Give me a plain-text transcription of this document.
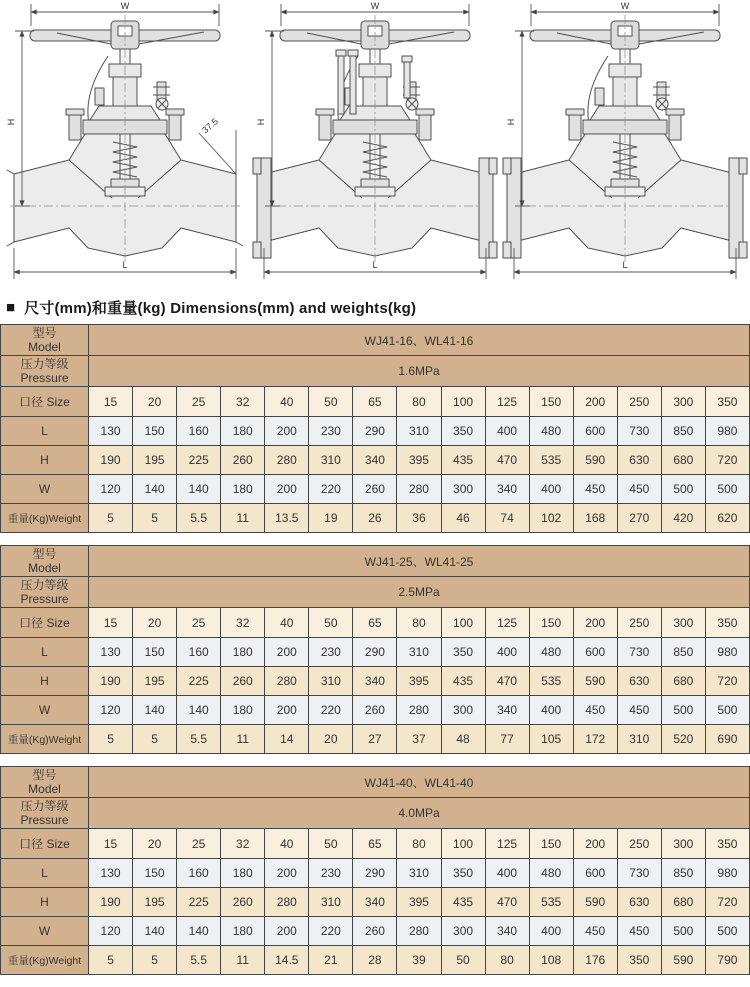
W
H
L
37.5
W
H
L
W
H
L
■ 尺寸(mm)和重量(kg) Dimensions(mm) and weights(kg)
型号
Model	WJ41-16、WL41-16														

压力等级
Pressure	1.6MPa														
口径 Size	15	20	25	32	40	50	65	80	100	125	150	200	250	300	350
L	130	150	160	180	200	230	290	310	350	400	480	600	730	850	980
H	190	195	225	260	280	310	340	395	435	470	535	590	630	680	720
W	120	140	140	180	200	220	260	280	300	340	400	450	450	500	500
重量(Kg)Weight	5	5	5.5	11	13.5	19	26	36	46	74	102	168	270	420	620
型号
Model	WJ41-25、WL41-25														

压力等级
Pressure	2.5MPa														
口径 Size	15	20	25	32	40	50	65	80	100	125	150	200	250	300	350
L	130	150	160	180	200	230	290	310	350	400	480	600	730	850	980
H	190	195	225	260	280	310	340	395	435	470	535	590	630	680	720
W	120	140	140	180	200	220	260	280	300	340	400	450	450	500	500
重量(Kg)Weight	5	5	5.5	11	14	20	27	37	48	77	105	172	310	520	690
型号
Model	WJ41-40、WL41-40														

压力等级
Pressure	4.0MPa														
口径 Size	15	20	25	32	40	50	65	80	100	125	150	200	250	300	350
L	130	150	160	180	200	230	290	310	350	400	480	600	730	850	980
H	190	195	225	260	280	310	340	395	435	470	535	590	630	680	720
W	120	140	140	180	200	220	260	280	300	340	400	450	450	500	500
重量(Kg)Weight	5	5	5.5	11	14.5	21	28	39	50	80	108	176	350	590	790
